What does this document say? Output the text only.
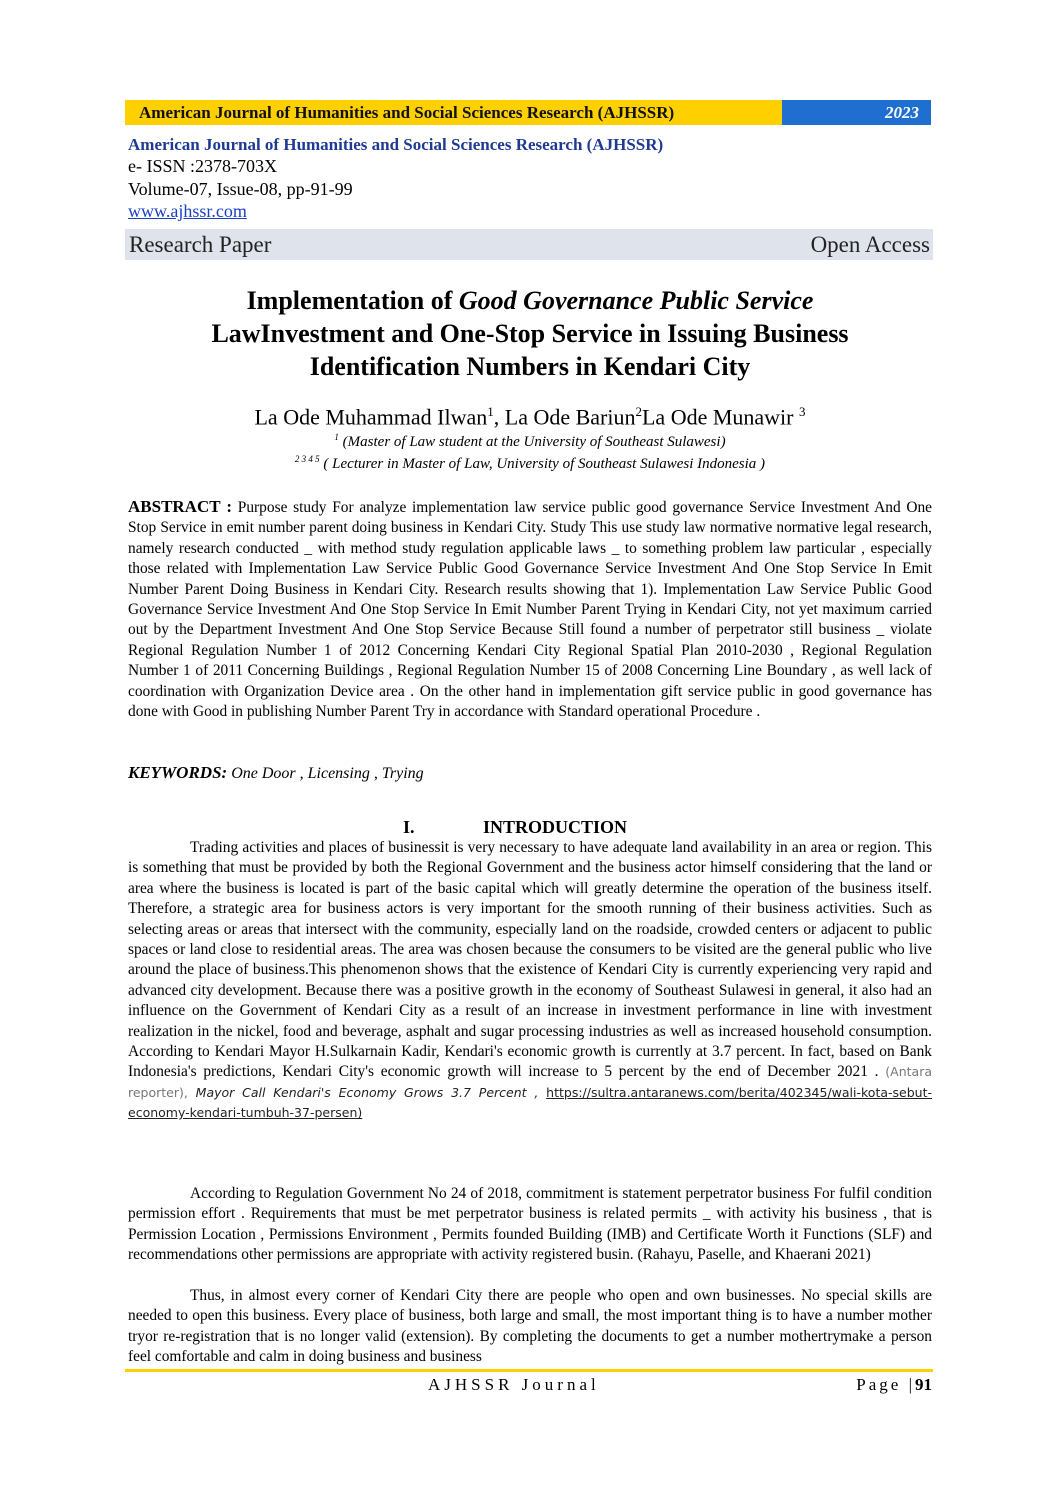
American Journal of Humanities and Social Sciences Research (AJHSSR)	2023
American Journal of Humanities and Social Sciences Research (AJHSSR)
e- ISSN :2378-703X
Volume-07, Issue-08, pp-91-99
www.ajhssr.com
Research Paper	Open Access
Implementation of Good Governance Public Service
LawInvestment and One-Stop Service in Issuing Business
Identification Numbers in Kendari City
La Ode Muhammad Ilwan$^1$, La Ode Bariun$^2$La Ode Munawir $^3$
$^1$ (Master of Law student at the University of Southeast Sulawesi)
$^{2 3 4 5}$ ( Lecturer in Master of Law, University of Southeast Sulawesi Indonesia )
ABSTRACT : Purpose study For analyze implementation law service public good governance Service Investment And One Stop Service in emit number parent doing business in Kendari City. Study This use study law normative normative legal research, namely research conducted _ with method study regulation applicable laws _ to something problem law particular , especially those related with Implementation Law Service Public Good Governance Service Investment And One Stop Service In Emit Number Parent Doing Business in Kendari City. Research results showing that 1). Implementation Law Service Public Good Governance Service Investment And One Stop Service In Emit Number Parent Trying in Kendari City, not yet maximum carried out by the Department Investment And One Stop Service Because Still found a number of perpetrator still business _ violate Regional Regulation Number 1 of 2012 Concerning Kendari City Regional Spatial Plan 2010-2030 , Regional Regulation Number 1 of 2011 Concerning Buildings , Regional Regulation Number 15 of 2008 Concerning Line Boundary , as well lack of coordination with Organization Device area . On the other hand in implementation gift service public in good governance has done with Good in publishing Number Parent Try in accordance with Standard operational Procedure .
KEYWORDS: One Door , Licensing , Trying
I.	INTRODUCTION
Trading activities and places of businessit is very necessary to have adequate land availability in an area or region. This is something that must be provided by both the Regional Government and the business actor himself considering that the land or area where the business is located is part of the basic capital which will greatly determine the operation of the business itself. Therefore, a strategic area for business actors is very important for the smooth running of their business activities. Such as selecting areas or areas that intersect with the community, especially land on the roadside, crowded centers or adjacent to public spaces or land close to residential areas. The area was chosen because the consumers to be visited are the general public who live around the place of business.This phenomenon shows that the existence of Kendari City is currently experiencing very rapid and advanced city development. Because there was a positive growth in the economy of Southeast Sulawesi in general, it also had an influence on the Government of Kendari City as a result of an increase in investment performance in line with investment realization in the nickel, food and beverage, asphalt and sugar processing industries as well as increased household consumption. According to Kendari Mayor H.Sulkarnain Kadir, Kendari's economic growth is currently at 3.7 percent. In fact, based on Bank Indonesia's predictions, Kendari City's economic growth will increase to 5 percent by the end of December 2021 . (Antara reporter), Mayor Call Kendari's Economy Grows 3.7 Percent , https://sultra.antaranews.com/berita/402345/wali-kota-sebut-economy-kendari-tumbuh-37-persen)
According to Regulation Government No 24 of 2018, commitment is statement perpetrator business For fulfil condition permission effort . Requirements that must be met perpetrator business is related permits _ with activity his business , that is Permission Location , Permissions Environment , Permits founded Building (IMB) and Certificate Worth it Functions (SLF) and recommendations other permissions are appropriate with activity registered busin. (Rahayu, Paselle, and Khaerani 2021)
Thus, in almost every corner of Kendari City there are people who open and own businesses. No special skills are needed to open this business. Every place of business, both large and small, the most important thing is to have a number mother tryor re-registration that is no longer valid (extension). By completing the documents to get a number mothertrymake a person feel comfortable and calm in doing business and business
AJHSSR Journal	Page |91
